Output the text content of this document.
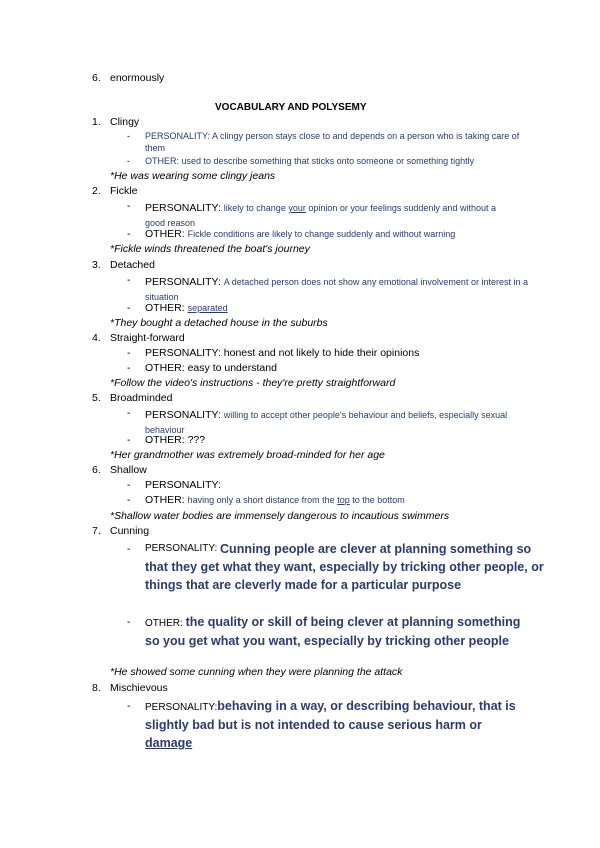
6. enormously
VOCABULARY AND POLYSEMY
1. Clingy
- PERSONALITY: A clingy person stays close to and depends on a person who is taking care of them
- OTHER: used to describe something that sticks onto someone or something tightly
*He was wearing some clingy jeans
2. Fickle
- PERSONALITY: likely to change your opinion or your feelings suddenly and without a good reason
- OTHER: Fickle conditions are likely to change suddenly and without warning
*Fickle winds threatened the boat's journey
3. Detached
- PERSONALITY: A detached person does not show any emotional involvement or interest in a situation
- OTHER: separated
*They bought a detached house in the suburbs
4. Straight-forward
- PERSONALITY: honest and not likely to hide their opinions
- OTHER: easy to understand
*Follow the video's instructions - they're pretty straightforward
5. Broadminded
- PERSONALITY: willing to accept other people's behaviour and beliefs, especially sexual behaviour
- OTHER: ???
*Her grandmother was extremely broad-minded for her age
6. Shallow
- PERSONALITY:
- OTHER: having only a short distance from the top to the bottom
*Shallow water bodies are immensely dangerous to incautious swimmers
7. Cunning
- $^{PERSONALITY:}$ Cunning people are clever at planning something so that they get what they want, especially by tricking other people, or things that are cleverly made for a particular purpose
- OTHER: the quality or skill of being clever at planning something so you get what you want, especially by tricking other people
*He showed some cunning when they were planning the attack
8. Mischievous
- PERSONALITY:behaving in a way, or describing behaviour, that is slightly bad but is not intended to cause serious harm or damage
